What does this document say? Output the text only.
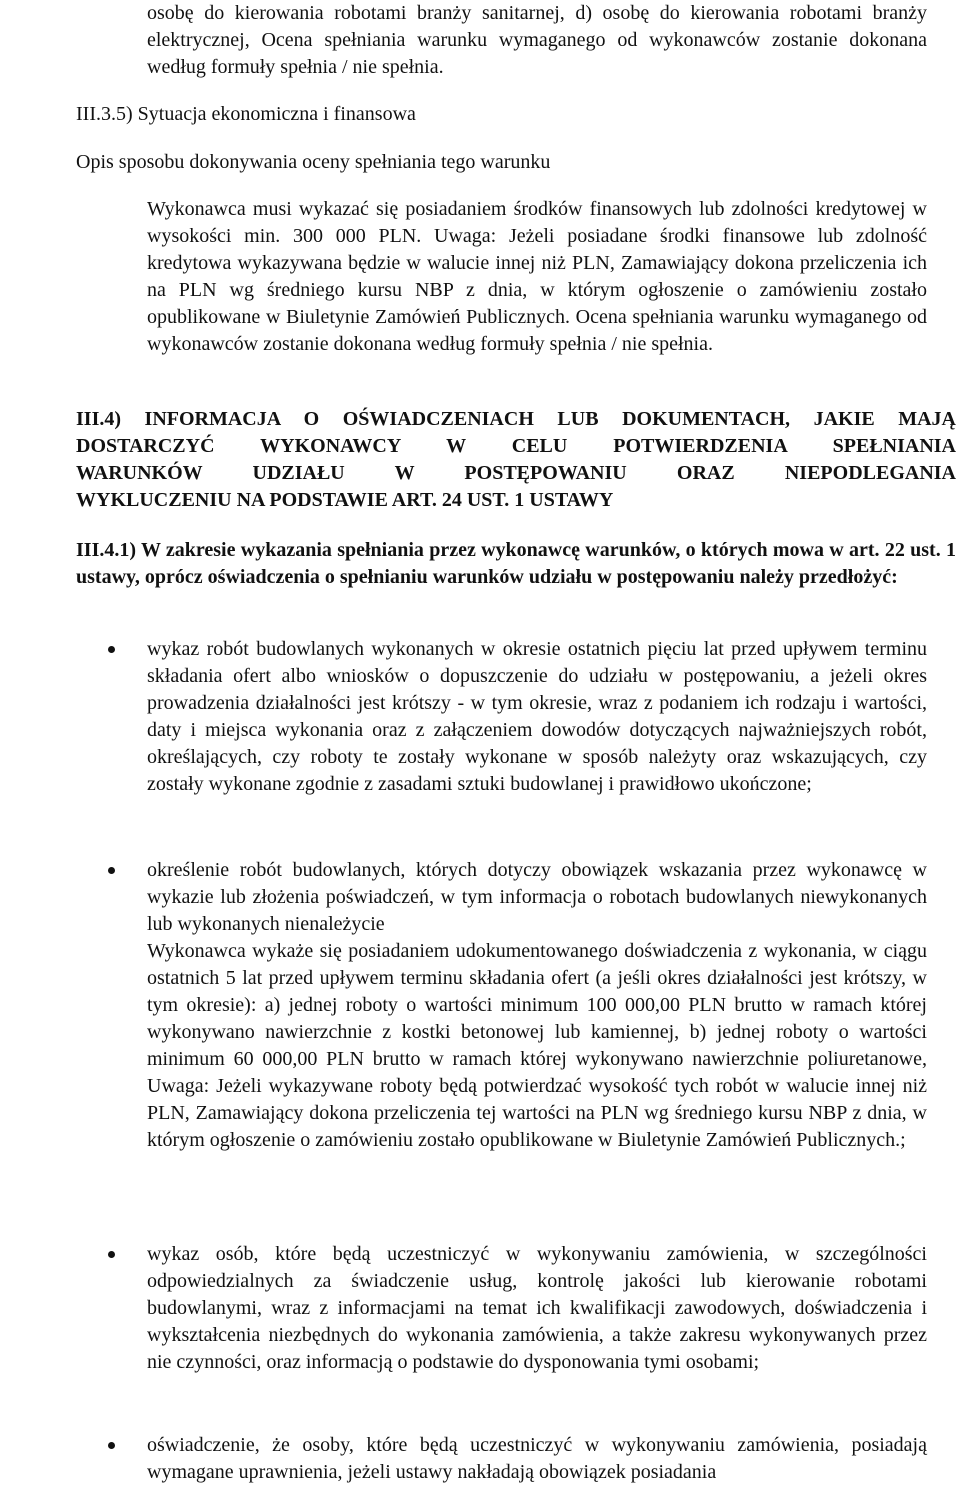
osobę do kierowania robotami branży sanitarnej, d) osobę do kierowania robotami branży elektrycznej, Ocena spełniania warunku wymaganego od wykonawców zostanie dokonana według formuły spełnia / nie spełnia.

III.3.5) Sytuacja ekonomiczna i finansowa

Opis sposobu dokonywania oceny spełniania tego warunku

Wykonawca musi wykazać się posiadaniem środków finansowych lub zdolności kredytowej w wysokości min. 300 000 PLN. Uwaga: Jeżeli posiadane środki finansowe lub zdolność kredytowa wykazywana będzie w walucie innej niż PLN, Zamawiający dokona przeliczenia ich na PLN wg średniego kursu NBP z dnia, w którym ogłoszenie o zamówieniu zostało opublikowane w Biuletynie Zamówień Publicznych. Ocena spełniania warunku wymaganego od wykonawców zostanie dokonana według formuły spełnia / nie spełnia.

III.4) INFORMACJA O OŚWIADCZENIACH LUB DOKUMENTACH, JAKIE MAJĄ
DOSTARCZYĆ WYKONAWCY W CELU POTWIERDZENIA SPEŁNIANIA
WARUNKÓW UDZIAŁU W POSTĘPOWANIU ORAZ NIEPODLEGANIA
WYKLUCZENIU NA PODSTAWIE ART. 24 UST. 1 USTAWY

III.4.1) W zakresie wykazania spełniania przez wykonawcę warunków, o których mowa w art. 22 ust. 1 ustawy, oprócz oświadczenia o spełnianiu warunków udziału w postępowaniu należy przedłożyć:

wykaz robót budowlanych wykonanych w okresie ostatnich pięciu lat przed upływem terminu składania ofert albo wniosków o dopuszczenie do udziału w postępowaniu, a jeżeli okres prowadzenia działalności jest krótszy - w tym okresie, wraz z podaniem ich rodzaju i wartości, daty i miejsca wykonania oraz z załączeniem dowodów dotyczących najważniejszych robót, określających, czy roboty te zostały wykonane w sposób należyty oraz wskazujących, czy zostały wykonane zgodnie z zasadami sztuki budowlanej i prawidłowo ukończone;
określenie robót budowlanych, których dotyczy obowiązek wskazania przez wykonawcę w wykazie lub złożenia poświadczeń, w tym informacja o robotach budowlanych niewykonanych lub wykonanych nienależycie
Wykonawca wykaże się posiadaniem udokumentowanego doświadczenia z wykonania, w ciągu ostatnich 5 lat przed upływem terminu składania ofert (a jeśli okres działalności jest krótszy, w tym okresie): a) jednej roboty o wartości minimum 100 000,00 PLN brutto w ramach której wykonywano nawierzchnie z kostki betonowej lub kamiennej, b) jednej roboty o wartości minimum 60 000,00 PLN brutto w ramach której wykonywano nawierzchnie poliuretanowe, Uwaga: Jeżeli wykazywane roboty będą potwierdzać wysokość tych robót w walucie innej niż PLN, Zamawiający dokona przeliczenia tej wartości na PLN wg średniego kursu NBP z dnia, w którym ogłoszenie o zamówieniu zostało opublikowane w Biuletynie Zamówień Publicznych.;
wykaz osób, które będą uczestniczyć w wykonywaniu zamówienia, w szczególności odpowiedzialnych za świadczenie usług, kontrolę jakości lub kierowanie robotami budowlanymi, wraz z informacjami na temat ich kwalifikacji zawodowych, doświadczenia i wykształcenia niezbędnych do wykonania zamówienia, a także zakresu wykonywanych przez nie czynności, oraz informacją o podstawie do dysponowania tymi osobami;
oświadczenie, że osoby, które będą uczestniczyć w wykonywaniu zamówienia, posiadają wymagane uprawnienia, jeżeli ustawy nakładają obowiązek posiadania
